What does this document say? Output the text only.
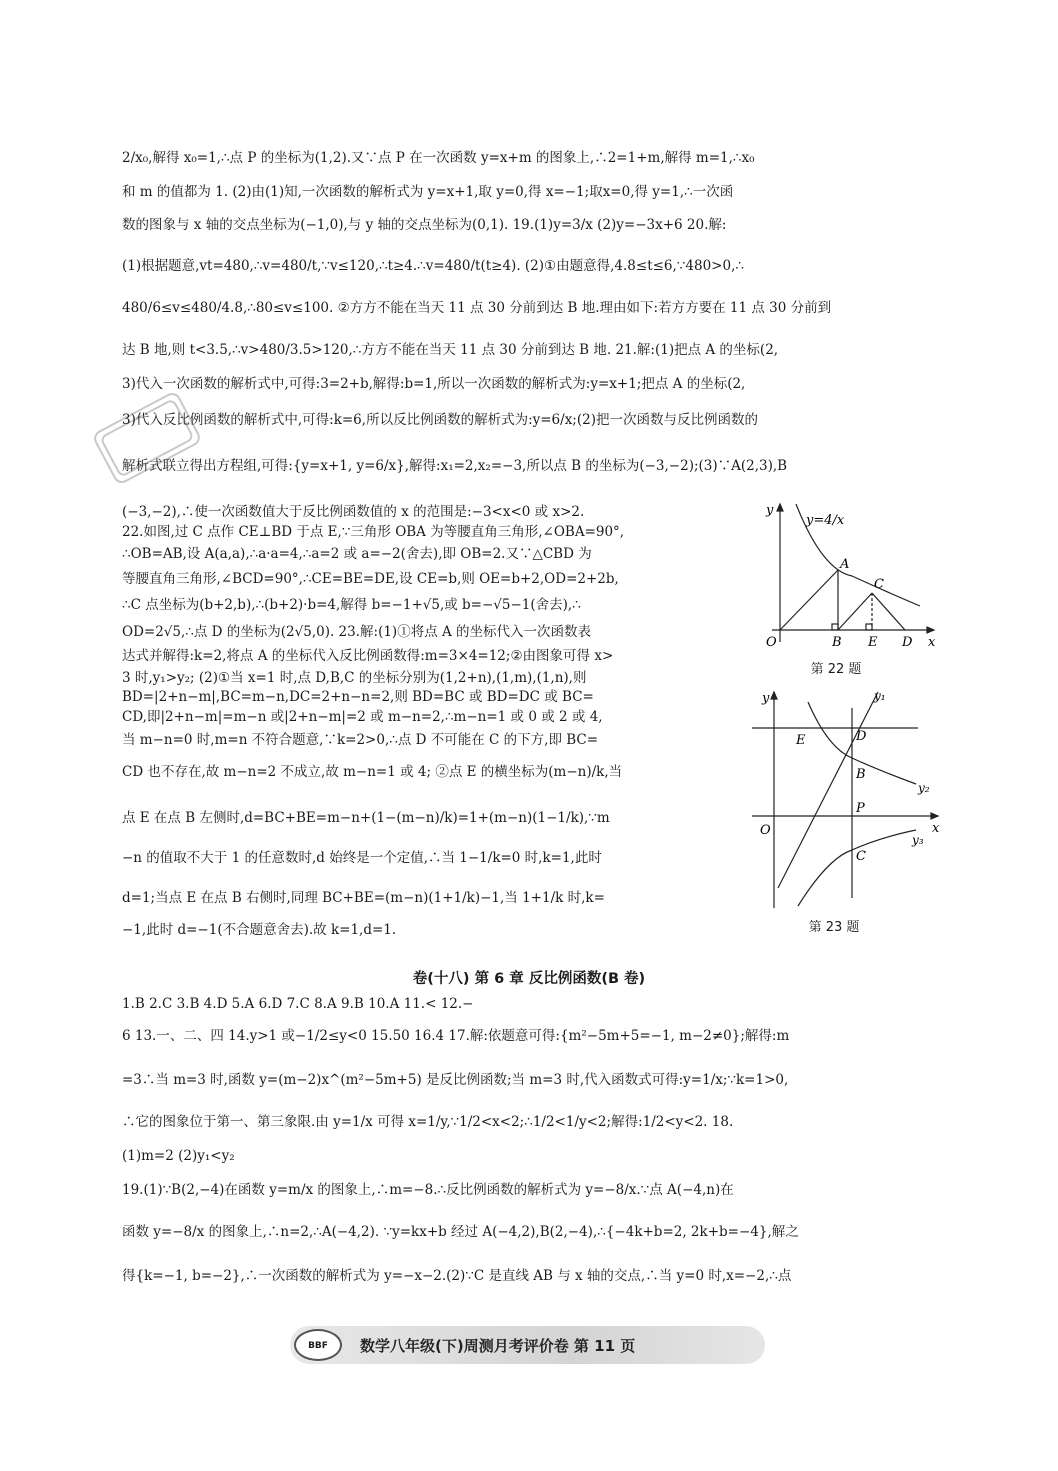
2/x₀,解得 x₀=1,∴点 P 的坐标为(1,2).又∵点 P 在一次函数 y=x+m 的图象上,∴2=1+m,解得 m=1,∴x₀
和 m 的值都为 1. (2)由(1)知,一次函数的解析式为 y=x+1,取 y=0,得 x=−1;取x=0,得 y=1,∴一次函
数的图象与 x 轴的交点坐标为(−1,0),与 y 轴的交点坐标为(0,1). 19.(1)y=3/x (2)y=−3x+6 20.解:
(1)根据题意,vt=480,∴v=480/t,∵v≤120,∴t≥4.∴v=480/t(t≥4). (2)①由题意得,4.8≤t≤6,∵480>0,∴
480/6≤v≤480/4.8,∴80≤v≤100. ②方方不能在当天 11 点 30 分前到达 B 地.理由如下:若方方要在 11 点 30 分前到
达 B 地,则 t<3.5,∴v>480/3.5>120,∴方方不能在当天 11 点 30 分前到达 B 地. 21.解:(1)把点 A 的坐标(2,
3)代入一次函数的解析式中,可得:3=2+b,解得:b=1,所以一次函数的解析式为:y=x+1;把点 A 的坐标(2,
3)代入反比例函数的解析式中,可得:k=6,所以反比例函数的解析式为:y=6/x;(2)把一次函数与反比例函数的
解析式联立得出方程组,可得:{y=x+1, y=6/x},解得:x₁=2,x₂=−3,所以点 B 的坐标为(−3,−2);(3)∵A(2,3),B
(−3,−2),∴使一次函数值大于反比例函数值的 x 的范围是:−3<x<0 或 x>2.
22.如图,过 C 点作 CE⊥BD 于点 E,∵三角形 OBA 为等腰直角三角形,∠OBA=90°,
∴OB=AB,设 A(a,a),∴a·a=4,∴a=2 或 a=−2(舍去),即 OB=2.又∵△CBD 为
等腰直角三角形,∠BCD=90°,∴CE=BE=DE,设 CE=b,则 OE=b+2,OD=2+2b,
∴C 点坐标为(b+2,b),∴(b+2)·b=4,解得 b=−1+√5,或 b=−√5−1(舍去),∴
OD=2√5,∴点 D 的坐标为(2√5,0). 23.解:(1)①将点 A 的坐标代入一次函数表
达式并解得:k=2,将点 A 的坐标代入反比例函数得:m=3×4=12;②由图象可得 x>
3 时,y₁>y₂; (2)①当 x=1 时,点 D,B,C 的坐标分别为(1,2+n),(1,m),(1,n),则
BD=|2+n−m|,BC=m−n,DC=2+n−n=2,则 BD=BC 或 BD=DC 或 BC=
CD,即|2+n−m|=m−n 或|2+n−m|=2 或 m−n=2,∴m−n=1 或 0 或 2 或 4,
当 m−n=0 时,m=n 不符合题意,∵k=2>0,∴点 D 不可能在 C 的下方,即 BC=
CD 也不存在,故 m−n=2 不成立,故 m−n=1 或 4; ②点 E 的横坐标为(m−n)/k,当
点 E 在点 B 左侧时,d=BC+BE=m−n+(1−(m−n)/k)=1+(m−n)(1−1/k),∵m
−n 的值取不大于 1 的任意数时,d 始终是一个定值,∴当 1−1/k=0 时,k=1,此时
d=1;当点 E 在点 B 右侧时,同理 BC+BE=(m−n)(1+1/k)−1,当 1+1/k 时,k=
−1,此时 d=−1(不合题意舍去).故 k=1,d=1.
y
y=4/x
x
O
A
B
C
E D
第 22 题
y	y₁
E	D
B
y₂
P
O	x
y₃
C
第 23 题
卷(十八) 第 6 章 反比例函数(B 卷)
1.B 2.C 3.B 4.D 5.A 6.D 7.C 8.A 9.B 10.A 11.< 12.−
6 13.一、二、四 14.y>1 或−1/2≤y<0 15.50 16.4 17.解:依题意可得:{m²−5m+5=−1, m−2≠0};解得:m
=3∴当 m=3 时,函数 y=(m−2)x^(m²−5m+5) 是反比例函数;当 m=3 时,代入函数式可得:y=1/x;∵k=1>0,
∴它的图象位于第一、第三象限.由 y=1/x 可得 x=1/y,∵1/2<x<2;∴1/2<1/y<2;解得:1/2<y<2. 18.
(1)m=2 (2)y₁<y₂
19.(1)∵B(2,−4)在函数 y=m/x 的图象上,∴m=−8.∴反比例函数的解析式为 y=−8/x.∵点 A(−4,n)在
函数 y=−8/x 的图象上,∴n=2,∴A(−4,2). ∵y=kx+b 经过 A(−4,2),B(2,−4),∴{−4k+b=2, 2k+b=−4},解之
得{k=−1, b=−2},∴一次函数的解析式为 y=−x−2.(2)∵C 是直线 AB 与 x 轴的交点,∴当 y=0 时,x=−2,∴点
BBF	数学八年级(下)周测月考评价卷 第 11 页
